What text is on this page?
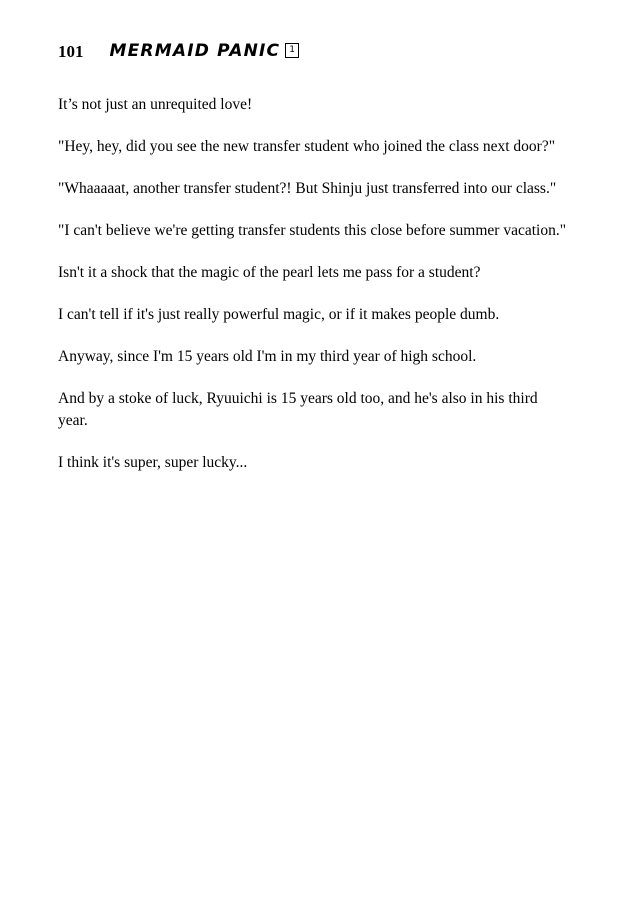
101 MERMAID PANIC	1

It’s not just an unrequited love!

"Hey, hey, did you see the new transfer student who joined the class next door?"

"Whaaaaat, another transfer student?! But Shinju just transferred into our class."

"I can't believe we're getting transfer students this close before summer vacation."

Isn't it a shock that the magic of the pearl lets me pass for a student?

I can't tell if it's just really powerful magic, or if it makes people dumb.

Anyway, since I'm 15 years old I'm in my third year of high school.

And by a stoke of luck, Ryuuichi is 15 years old too, and he's also in his third year.

I think it's super, super lucky...
